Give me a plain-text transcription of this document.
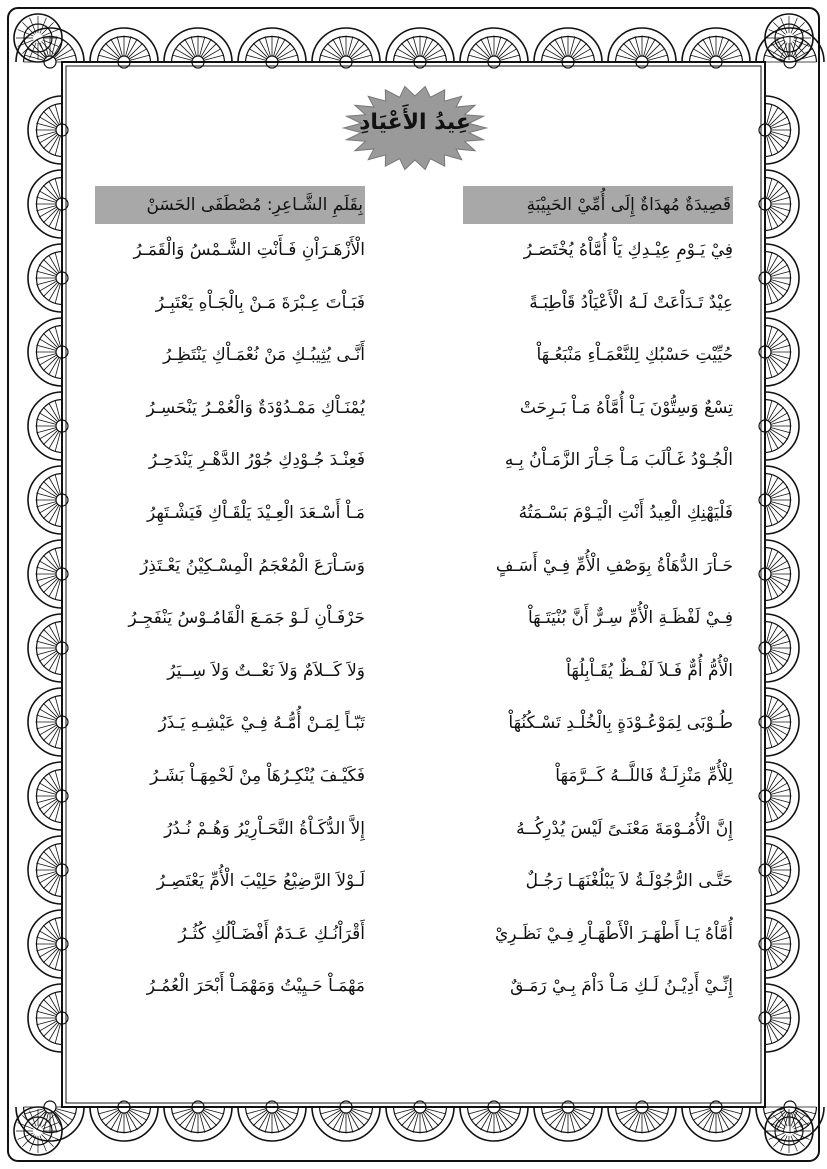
عِيدُ الأَعْيَادِ
قَصِيدَةٌ مُهدَاةٌ إِلَى أُمِّيْ الحَبِيْبَةِ
فِيْ يَـوْمِ عِيْـدِكِ يَاْ أُمَّاْهُ يُخْتَصَـرُ
عِيْدٌ تَـدَاْعَتْ لَـهُ الْأَعْيَاْدُ قَاْطِبَـةً
حُيِّيْتِ حَسْبُكِ لِلنَّعْمَـاْءِ مَنْبَعُـهَاْ
تِسْعٌ وَسِتُّوْنَ يَـاْ أُمَّاْهُ مَـاْ بَـرِحَتْ
الْجُـوْدُ غَـاْلَبَ مَـاْ جَـاْرَ الزَّمَـاْنُ بِـهِ
فَلْيَهْنِكِ الْعِيدُ أَنْتِ الْيَـوْمَ بَسْـمَتُهُ
حَـاْرَ الدُّهَاْةُ بِوَصْفِ الْأُمِّ فِـيْ أَسَـفٍ
فِـيْ لَفْظَـةِ الْأُمِّ سِـرٌّ أَنَّ بُنْيَتَـهَاْ
الْأُمُّ أُمٌّ فَـلاَ لَفْـظٌ يُقَـاْبِلُهَاْ
طُـوْبَى لِمَوْعُـوْدَةٍ بِالْخُلْـدِ تَسْـكُنُهَاْ
لِلْأُمِّ مَنْزِلَـةٌ فَاللَّــهُ كَــرَّمَهَاْ
إِنَّ الْأُمُـوْمَةَ مَعْنَـىً لَيْسَ يُدْرِكُــهُ
حَتَّـى الرُّجُوْلَـةُ لاَ يَبْلُغْنَهَـا رَجُـلٌ
أُمَّاْهُ يَـا أَطْهَـرَ الْأَطْهَـاْرِ فِـيْ نَظَـرِيْ
إِنِّـيْ أَدِيْـنُ لَـكِ مَـاْ دَاْمَ بِـيْ رَمَـقٌ
بِقَلَمِ الشَّـاعِرِ: مُصْطَفَى الحَسَنْ
الْأَزْهَـرَاْنِ فَـأَنْتِ الشَّـمْسُ وَالْقَمَـرُ
فَبَـاْتَ عِـبْرَةَ مَـنْ بِالْجَـاْهِ يَعْتَبِـرُ
أَنَّـى يُثِيبُـكِ مَنْ نُعْمَـاْكِ يَنْتَظِـرُ
يُمْنَـاْكِ مَمْـدُوْدَةٌ وَالْعُمْـرُ يَنْحَسِـرُ
فَعِنْـدَ جُـوْدِكِ جُوْرُ الدَّهْـرِ يَنْدَحِـرُ
مَـاْ أَسْـعَدَ الْعِـيْدَ يَلْقَـاْكِ فَيَشْـتَهِرُ
وَسَـاْرَعَ الْمُعْجَمُ الْمِسْـكِيْنُ يَعْـتَذِرُ
حَرْفَـاْنِ لَـوْ جَمَـعَ الْقَامُـوْسُ يَنْفَجِـرُ
وَلاَ كَــلاَمٌ وَلاَ نَعْــتٌ وَلاَ سِــيَرُ
تَبّـاً لِمَـنْ أُمُّـهُ فِـيْ عَيْشِـهِ يَـذَرُ
فَكَيْـفَ يُنْكِـرُهَاْ مِنْ لَحْمِهَـاْ بَشَـرُ
إِلاَّ الدُّكَـاْةُ النَّحَـاْرِيْرُ وَهُـمْ نُـدُرُ
لَـوْلاَ الرَّضِيْعُ حَلِيْبَ الْأُمِّ يَعْتَصِـرُ
أَقْرَاْنُـكِ عَـدَمٌ أَفْضَـاْلُكِ كُثُـرُ
مَهْمَـاْ حَـيِيْتُ وَمَهْمَـاْ أَبْحَرَ الْعُمُـرُ
